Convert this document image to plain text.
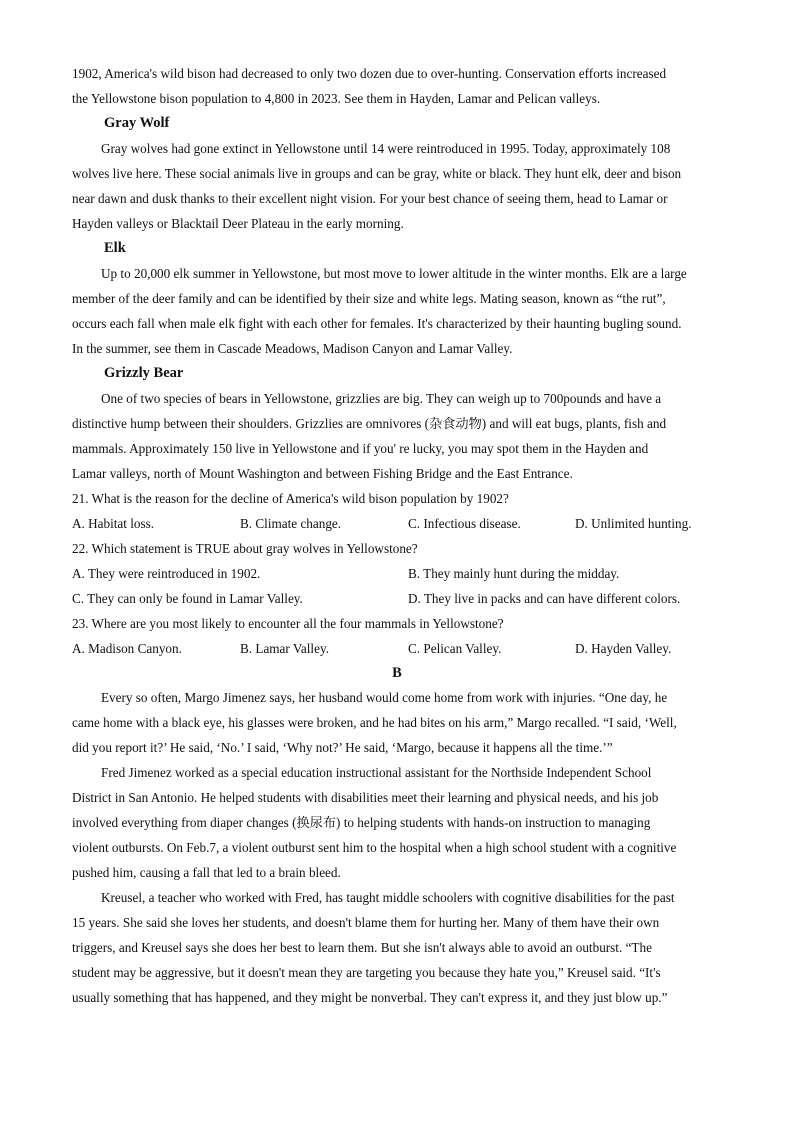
1902, America's wild bison had decreased to only two dozen due to over-hunting. Conservation efforts increased
the Yellowstone bison population to 4,800 in 2023. See them in Hayden, Lamar and Pelican valleys.
Gray Wolf
Gray wolves had gone extinct in Yellowstone until 14 were reintroduced in 1995. Today, approximately 108
wolves live here. These social animals live in groups and can be gray, white or black. They hunt elk, deer and bison
near dawn and dusk thanks to their excellent night vision. For your best chance of seeing them, head to Lamar or
Hayden valleys or Blacktail Deer Plateau in the early morning.
Elk
Up to 20,000 elk summer in Yellowstone, but most move to lower altitude in the winter months. Elk are a large
member of the deer family and can be identified by their size and white legs. Mating season, known as “the rut”,
occurs each fall when male elk fight with each other for females. It's characterized by their haunting bugling sound.
In the summer, see them in Cascade Meadows, Madison Canyon and Lamar Valley.
Grizzly Bear
One of two species of bears in Yellowstone, grizzlies are big. They can weigh up to 700pounds and have a
distinctive hump between their shoulders. Grizzlies are omnivores (杂食动物) and will eat bugs, plants, fish and
mammals. Approximately 150 live in Yellowstone and if you' re lucky, you may spot them in the Hayden and
Lamar valleys, north of Mount Washington and between Fishing Bridge and the East Entrance.
21. What is the reason for the decline of America's wild bison population by 1902?
A. Habitat loss.	B. Climate change.	C. Infectious disease.	D. Unlimited hunting.
22. Which statement is TRUE about gray wolves in Yellowstone?
A. They were reintroduced in 1902.	B. They mainly hunt during the midday.
C. They can only be found in Lamar Valley.	D. They live in packs and can have different colors.
23. Where are you most likely to encounter all the four mammals in Yellowstone?
A. Madison Canyon.	B. Lamar Valley.	C. Pelican Valley.	D. Hayden Valley.
B
Every so often, Margo Jimenez says, her husband would come home from work with injuries. “One day, he
came home with a black eye, his glasses were broken, and he had bites on his arm,” Margo recalled. “I said, ‘Well,
did you report it?’ He said, ‘No.’ I said, ‘Why not?’ He said, ‘Margo, because it happens all the time.’”
Fred Jimenez worked as a special education instructional assistant for the Northside Independent School
District in San Antonio. He helped students with disabilities meet their learning and physical needs, and his job
involved everything from diaper changes (换尿布) to helping students with hands-on instruction to managing
violent outbursts. On Feb.7, a violent outburst sent him to the hospital when a high school student with a cognitive
pushed him, causing a fall that led to a brain bleed.
Kreusel, a teacher who worked with Fred, has taught middle schoolers with cognitive disabilities for the past
15 years. She said she loves her students, and doesn't blame them for hurting her. Many of them have their own
triggers, and Kreusel says she does her best to learn them. But she isn't always able to avoid an outburst. “The
student may be aggressive, but it doesn't mean they are targeting you because they hate you,” Kreusel said. “It's
usually something that has happened, and they might be nonverbal. They can't express it, and they just blow up.”
